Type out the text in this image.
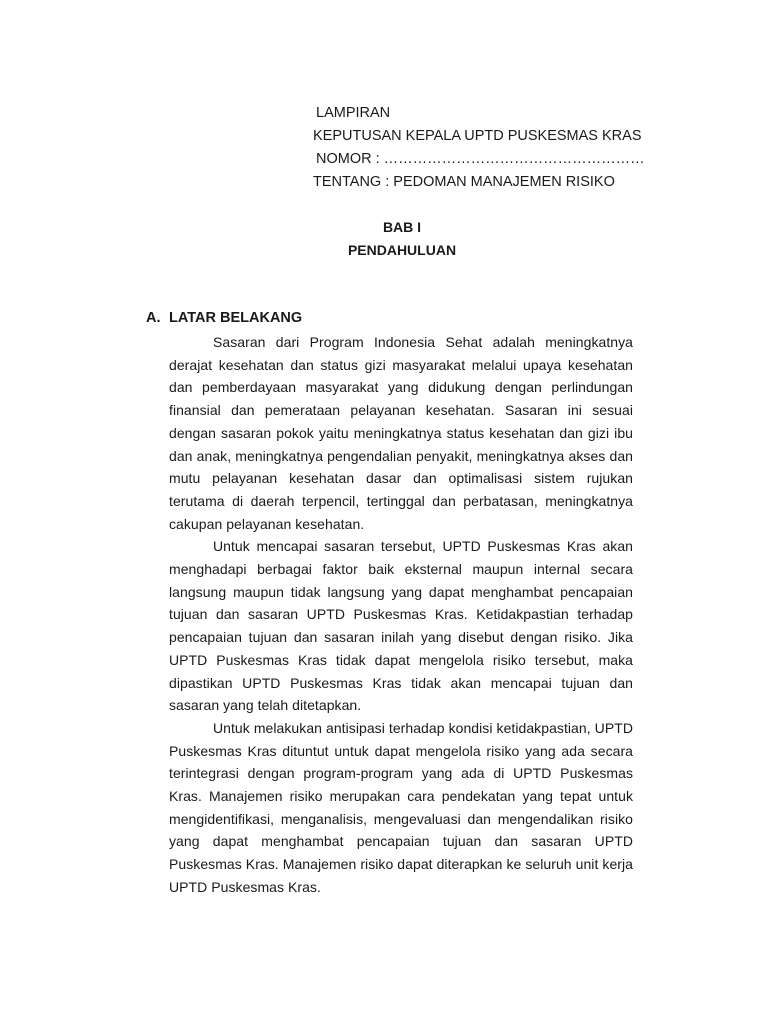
LAMPIRAN
KEPUTUSAN KEPALA UPTD PUSKESMAS KRAS
NOMOR : ………………………………………………
TENTANG : PEDOMAN MANAJEMEN RISIKO
BAB I
PENDAHULUAN
A. LATAR BELAKANG

Sasaran dari Program Indonesia Sehat adalah meningkatnya derajat kesehatan dan status gizi masyarakat melalui upaya kesehatan dan pemberdayaan masyarakat yang didukung dengan perlindungan finansial dan pemerataan pelayanan kesehatan. Sasaran ini sesuai dengan sasaran pokok yaitu meningkatnya status kesehatan dan gizi ibu dan anak, meningkatnya pengendalian penyakit, meningkatnya akses dan mutu pelayanan kesehatan dasar dan optimalisasi sistem rujukan terutama di daerah terpencil, tertinggal dan perbatasan, meningkatnya cakupan pelayanan kesehatan.

Untuk mencapai sasaran tersebut, UPTD Puskesmas Kras akan menghadapi berbagai faktor baik eksternal maupun internal secara langsung maupun tidak langsung yang dapat menghambat pencapaian tujuan dan sasaran UPTD Puskesmas Kras. Ketidakpastian terhadap pencapaian tujuan dan sasaran inilah yang disebut dengan risiko. Jika UPTD Puskesmas Kras tidak dapat mengelola risiko tersebut, maka dipastikan UPTD Puskesmas Kras tidak akan mencapai tujuan dan sasaran yang telah ditetapkan.

Untuk melakukan antisipasi terhadap kondisi ketidakpastian, UPTD Puskesmas Kras dituntut untuk dapat mengelola risiko yang ada secara terintegrasi dengan program-program yang ada di UPTD Puskesmas Kras. Manajemen risiko merupakan cara pendekatan yang tepat untuk mengidentifikasi, menganalisis, mengevaluasi dan mengendalikan risiko yang dapat menghambat pencapaian tujuan dan sasaran UPTD Puskesmas Kras. Manajemen risiko dapat diterapkan ke seluruh unit kerja UPTD Puskesmas Kras.
